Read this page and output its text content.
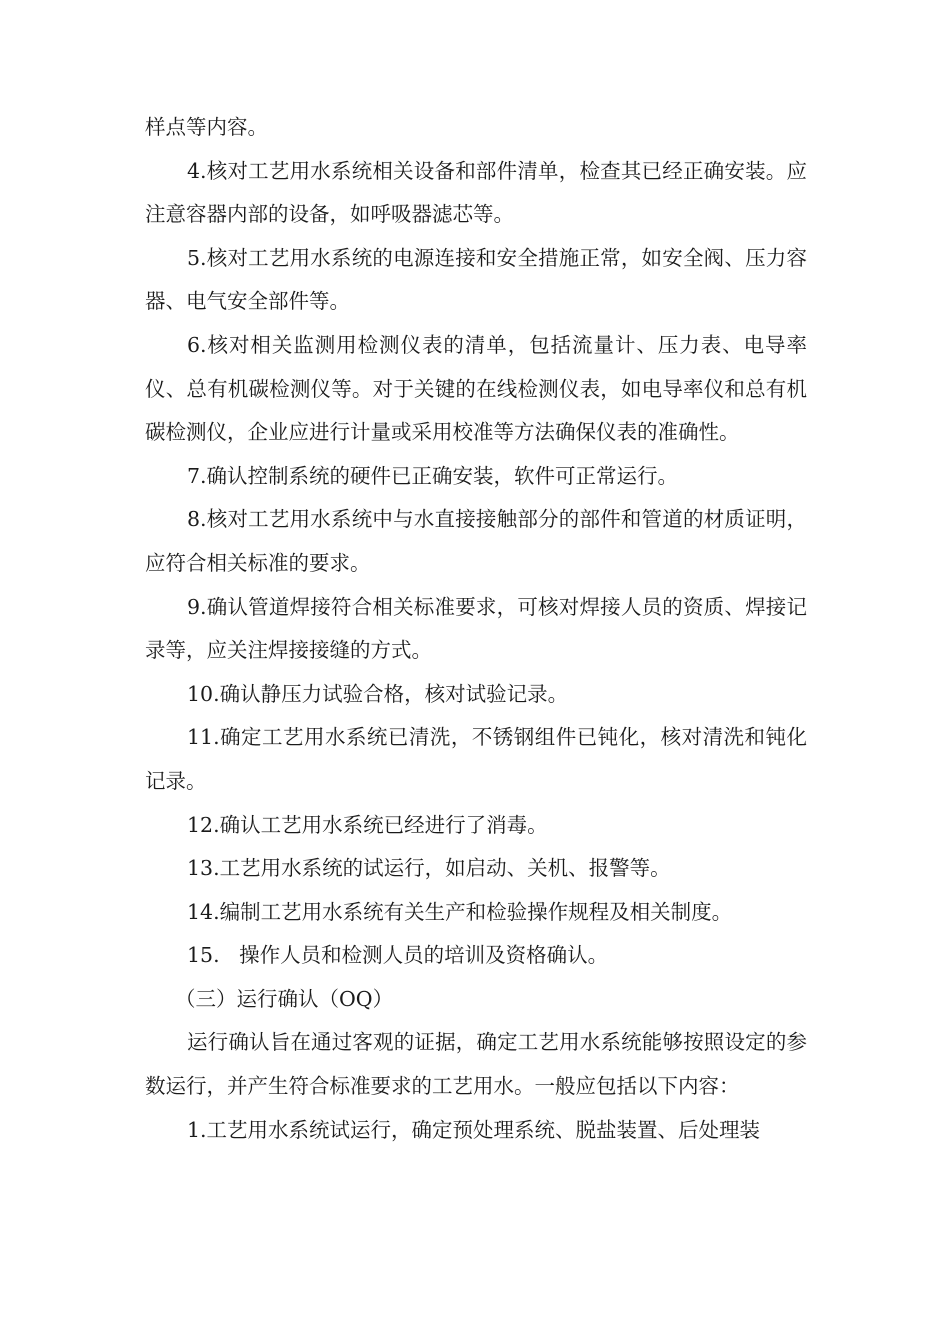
样点等内容。

4.核对工艺用水系统相关设备和部件清单，检查其已经正确安装。应注意容器内部的设备，如呼吸器滤芯等。

5.核对工艺用水系统的电源连接和安全措施正常，如安全阀、压力容器、电气安全部件等。

6.核对相关监测用检测仪表的清单，包括流量计、压力表、电导率仪、总有机碳检测仪等。对于关键的在线检测仪表，如电导率仪和总有机碳检测仪，企业应进行计量或采用校准等方法确保仪表的准确性。

7.确认控制系统的硬件已正确安装，软件可正常运行。

8.核对工艺用水系统中与水直接接触部分的部件和管道的材质证明，应符合相关标准的要求。

9.确认管道焊接符合相关标准要求，可核对焊接人员的资质、焊接记录等，应关注焊接接缝的方式。

10.确认静压力试验合格，核对试验记录。

11.确定工艺用水系统已清洗，不锈钢组件已钝化，核对清洗和钝化记录。

12.确认工艺用水系统已经进行了消毒。

13.工艺用水系统的试运行，如启动、关机、报警等。

14.编制工艺用水系统有关生产和检验操作规程及相关制度。

15.   操作人员和检测人员的培训及资格确认。

（三）运行确认（OQ）

运行确认旨在通过客观的证据，确定工艺用水系统能够按照设定的参数运行，并产生符合标准要求的工艺用水。一般应包括以下内容：

1.工艺用水系统试运行，确定预处理系统、脱盐装置、后处理装
